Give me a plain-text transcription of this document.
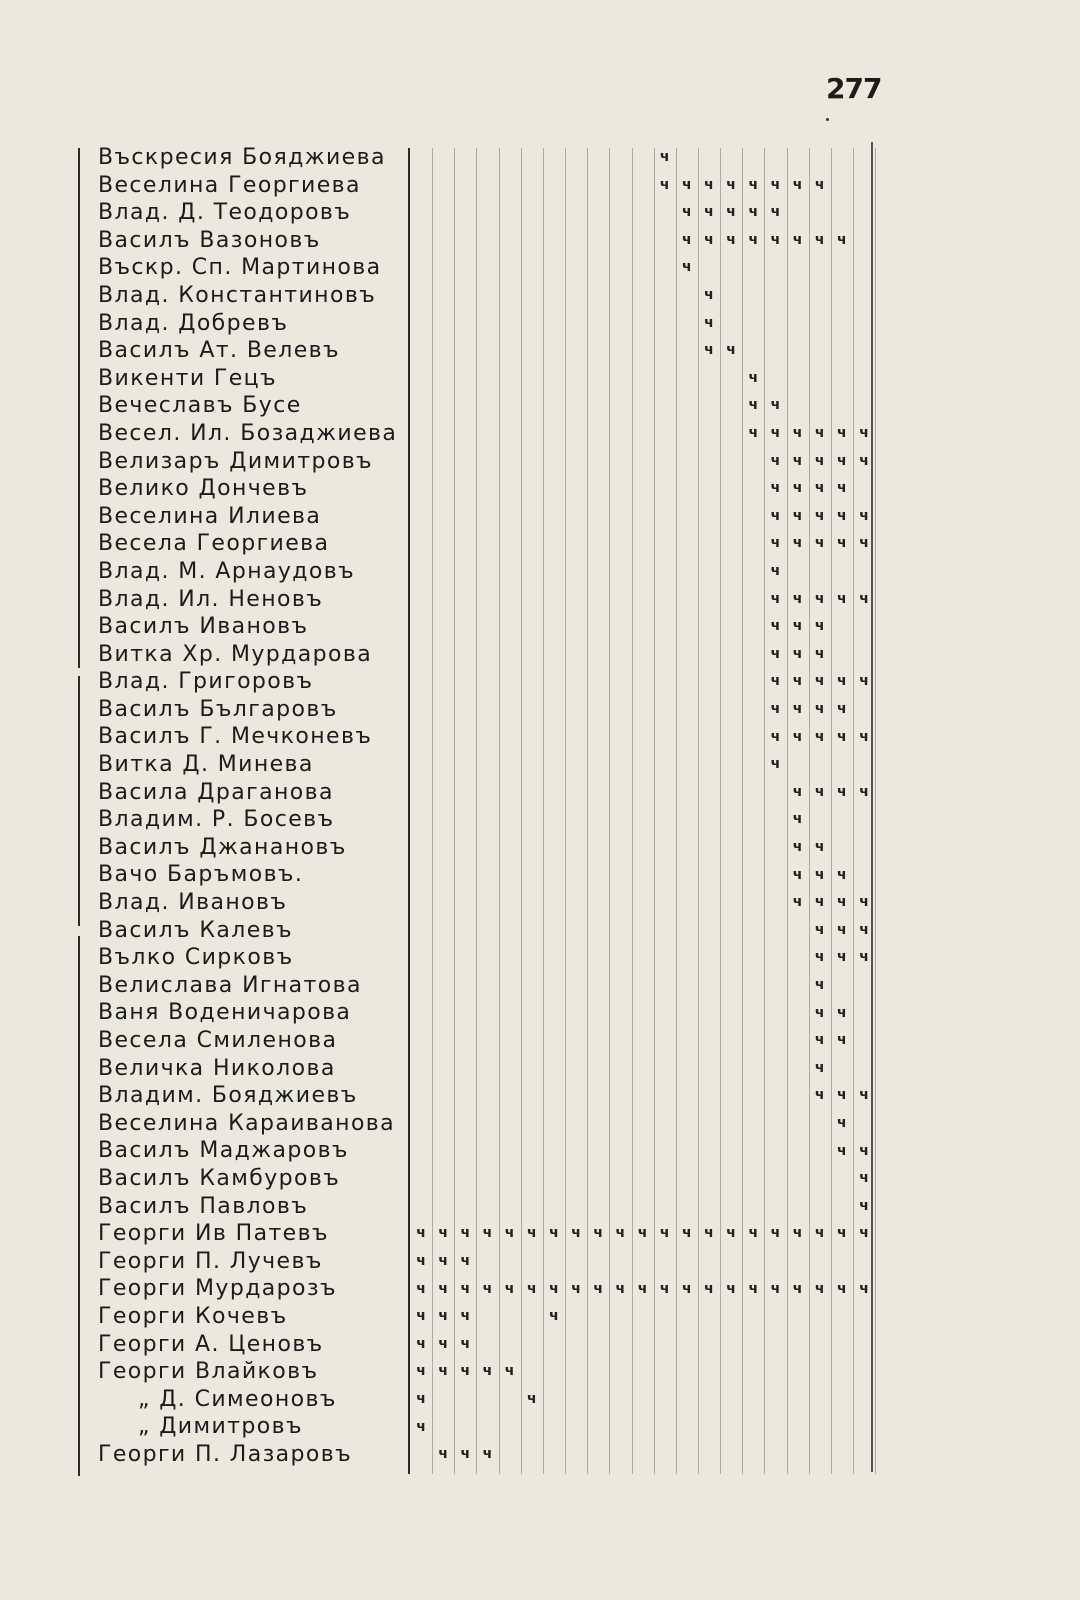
277
Въскресия Бояджиева
Веселина Георгиева
Влад. Д. Теодоровъ
Василъ Вазоновъ
Въскр. Сп. Мартинова
Влад. Константиновъ
Влад. Добревъ
Василъ Ат. Велевъ
Викенти Гецъ
Вечеславъ Бусе
Весел. Ил. Бозаджиева
Велизаръ Димитровъ
Велико Дончевъ
Веселина Илиева
Весела Георгиева
Влад. М. Арнаудовъ
Влад. Ил. Неновъ
Василъ Ивановъ
Витка Хр. Мурдарова
Влад. Григоровъ
Василъ Българовъ
Василъ Г. Мечконевъ
Витка Д. Минева
Васила Драганова
Владим. Р. Босевъ
Василъ Джанановъ
Вачо Баръмовъ.
Влад. Ивановъ
Василъ Калевъ
Вълко Сирковъ
Велислава Игнатова
Ваня Воденичарова
Весела Смиленова
Величка Николова
Владим. Бояджиевъ
Веселина Караиванова
Василъ Маджаровъ
Василъ Камбуровъ
Василъ Павловъ
Георги Ив Патевъ
Георги П. Лучевъ
Георги Мурдарозъ
Георги Кочевъ
Георги А. Ценовъ
Георги Влайковъ
„ Д. Симеоновъ
„ Димитровъ
Георги П. Лазаровъ
ч
ч ч ч ч ч ч ч ч
ч ч ч ч ч
ч ч ч ч ч ч ч ч
ч
ч
ч
ч ч
ч
ч ч
ч ч ч ч ч ч
ч ч ч ч ч
ч ч ч ч
ч ч ч ч ч
ч ч ч ч ч
ч
ч ч ч ч ч
ч ч ч
ч ч ч
ч ч ч ч ч
ч ч ч ч
ч ч ч ч ч
ч
ч ч ч ч
ч
ч ч
ч ч ч
ч ч ч ч
ч ч ч
ч ч ч
ч
ч ч
ч ч
ч
ч ч ч
ч
ч ч
ч
ч
ч ч ч ч ч ч ч ч ч ч ч ч ч ч ч ч ч ч ч ч ч
ч ч ч
ч ч ч ч ч ч ч ч ч ч ч ч ч ч ч ч ч ч ч ч ч
ч ч ч	ч
ч ч ч
ч ч ч ч ч
ч	ч
ч
ч ч ч
